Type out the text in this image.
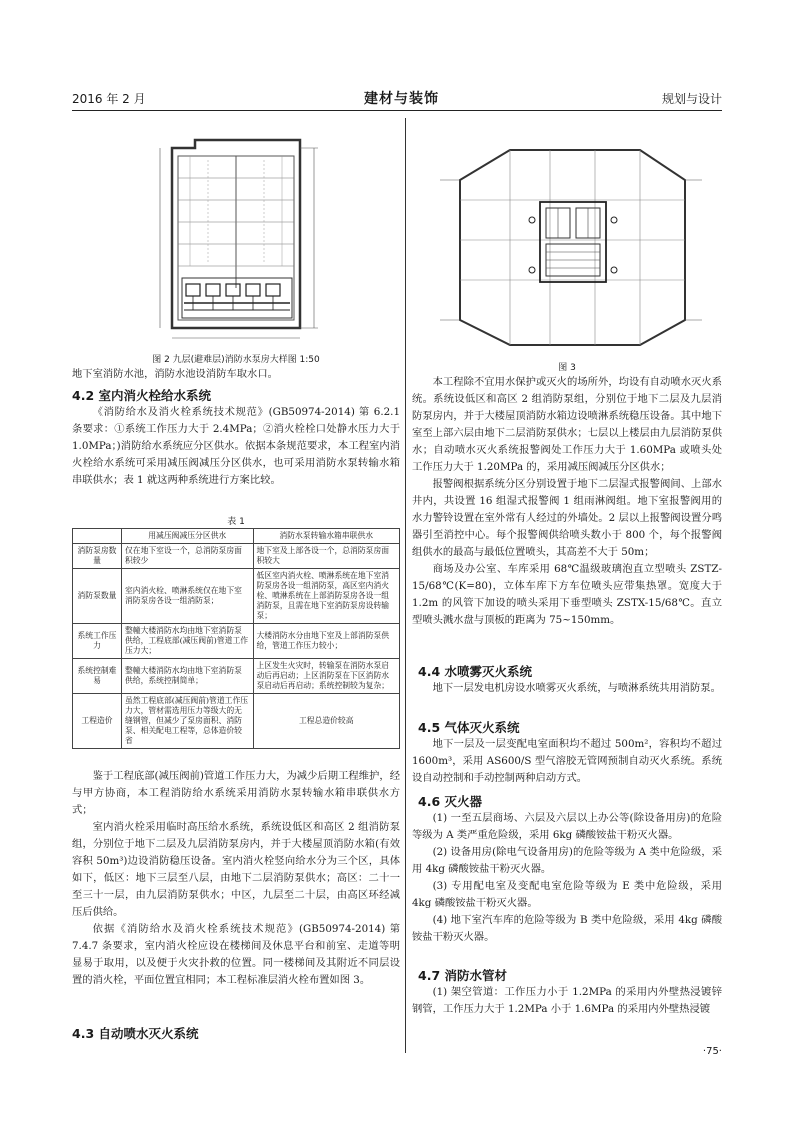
2016 年 2 月	建材与装饰	规划与设计
图 2 九层(避难层)消防水泵房大样图 1:50

地下室消防水池，消防水池设消防车取水口。

4.2 室内消火栓给水系统

《消防给水及消火栓系统技术规范》(GB50974-2014) 第 6.2.1 条要求：①系统工作压力大于 2.4MPa；②消火栓栓口处静水压力大于 1.0MPa；)消防给水系统应分区供水。依据本条规范要求，本工程室内消火栓给水系统可采用减压阀减压分区供水，也可采用消防水泵转输水箱串联供水；表 1 就这两种系统进行方案比较。

表 1
	用减压阀减压分区供水	消防水泵转输水箱串联供水
消防泵房数量	仅在地下室设一个，总消防泵房面积较少	地下室及上部各设一个，总消防泵房面积较大
消防泵数量	室内消火栓、喷淋系统仅在地下室消防泵房各设一组消防泵；	低区室内消火栓、喷淋系统在地下室消防泵房各设一组消防泵，高区室内消火栓、喷淋系统在上部消防泵房各设一组消防泵，且需在地下室消防泵房设转输泵；
系统工作压力	整幢大楼消防水均由地下室消防泵供给，工程底部(减压阀前)管道工作压力大；	大楼消防水分由地下室及上部消防泵供给，管道工作压力较小；
系统控制难易	整幢大楼消防水均由地下室消防泵供给，系统控制简单；	上区发生火灾时，转输泵在消防水泵启动后再启动；上区消防泵在下区消防水泵启动后再启动；系统控制较为复杂；
工程造价	虽然工程底部(减压阀前)管道工作压力大，管材需选用压力等级大的无缝钢管，但减少了泵房面积、消防泵、相关配电工程等，总体造价较省	工程总造价较高

鉴于工程底部(减压阀前)管道工作压力大，为减少后期工程维护，经与甲方协商，本工程消防给水系统采用消防水泵转输水箱串联供水方式；

室内消火栓采用临时高压给水系统，系统设低区和高区 2 组消防泵组，分别位于地下二层及九层消防泵房内，并于大楼屋顶消防水箱(有效容积 50m³)边设消防稳压设备。室内消火栓竖向给水分为三个区，具体如下，低区：地下三层至八层，由地下二层消防泵供水；高区：二十一至三十一层，由九层消防泵供水；中区，九层至二十层，由高区环经减压后供给。

依据《消防给水及消火栓系统技术规范》(GB50974-2014) 第 7.4.7 条要求，室内消火栓应设在楼梯间及休息平台和前室、走道等明显易于取用，以及便于火灾扑救的位置。同一楼梯间及其附近不同层设置的消火栓，平面位置宜相同；本工程标准层消火栓布置如图 3。

4.3 自动喷水灭火系统
图 3

本工程除不宜用水保护或灭火的场所外，均设有自动喷水灭火系统。系统设低区和高区 2 组消防泵组，分别位于地下二层及九层消防泵房内，并于大楼屋顶消防水箱边设喷淋系统稳压设备。其中地下室至上部六层由地下二层消防泵供水；七层以上楼层由九层消防泵供水；自动喷水灭火系统报警阀处工作压力大于 1.60MPa 或喷头处工作压力大于 1.20MPa 的，采用减压阀减压分区供水；

报警阀根据系统分区分别设置于地下二层湿式报警阀间、上部水井内，共设置 16 组湿式报警阀 1 组雨淋阀组。地下室报警阀用的水力警铃设置在室外常有人经过的外墙处。2 层以上报警阀设置分鸣器引至消控中心。每个报警阀供给喷头数小于 800 个，每个报警阀组供水的最高与最低位置喷头，其高差不大于 50m；

商场及办公室、车库采用 68℃温级玻璃泡直立型喷头 ZSTZ-15/68℃(K=80)，立体车库下方车位喷头应带集热罩。宽度大于 1.2m 的风管下加设的喷头采用下垂型喷头 ZSTX-15/68℃。直立型喷头溅水盘与顶板的距离为 75~150mm。

4.4 水喷雾灭火系统

地下一层发电机房设水喷雾灭火系统，与喷淋系统共用消防泵。

4.5 气体灭火系统

地下一层及一层变配电室面积均不超过 500m²，容积均不超过 1600m³，采用 AS600/S 型气溶胶无管网预制自动灭火系统。系统设自动控制和手动控制两种启动方式。

4.6 灭火器

(1) 一至五层商场、六层及六层以上办公等(除设备用房)的危险等级为 A 类严重危险级，采用 6kg 磷酸铵盐干粉灭火器。

(2) 设备用房(除电气设备用房)的危险等级为 A 类中危险级，采用 4kg 磷酸铵盐干粉灭火器。

(3) 专用配电室及变配电室危险等级为 E 类中危险级，采用 4kg 磷酸铵盐干粉灭火器。

(4) 地下室汽车库的危险等级为 B 类中危险级，采用 4kg 磷酸铵盐干粉灭火器。

4.7 消防水管材

(1) 架空管道：工作压力小于 1.2MPa 的采用内外壁热浸镀锌钢管，工作压力大于 1.2MPa 小于 1.6MPa 的采用内外壁热浸镀

·75·
